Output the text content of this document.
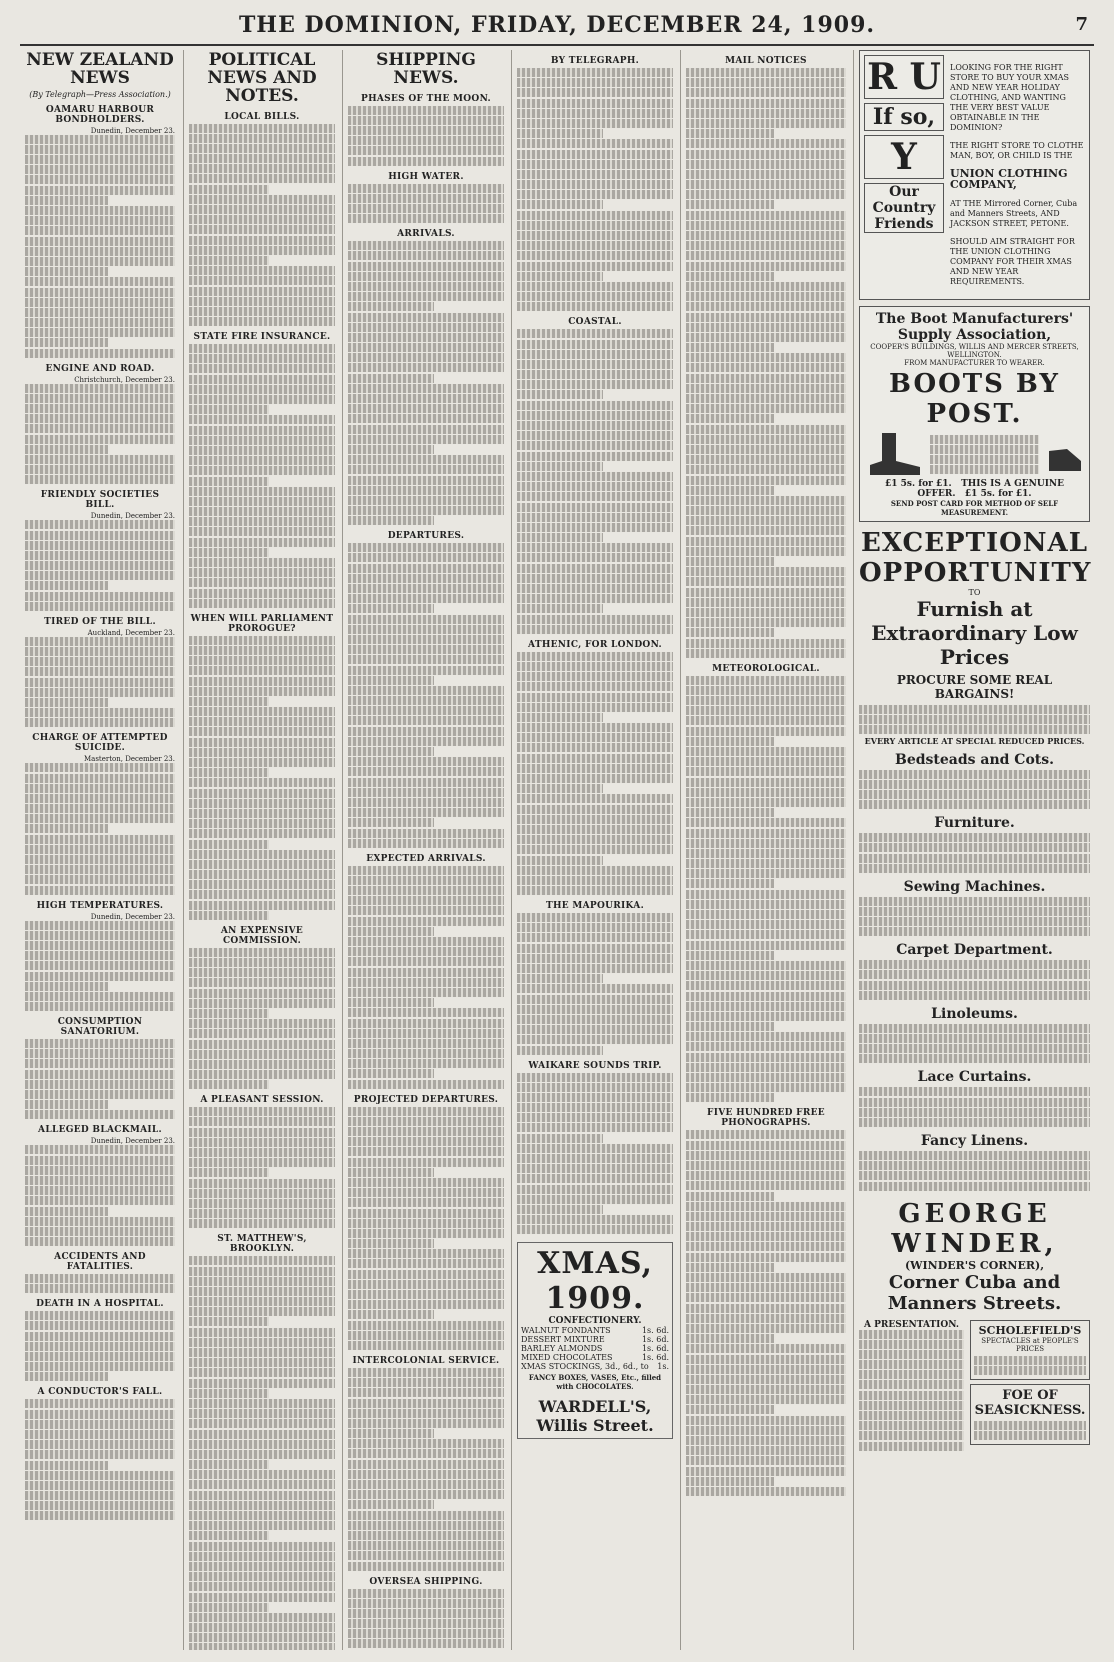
THE DOMINION, FRIDAY, DECEMBER 24, 1909.	7
NEW ZEALAND NEWS
(By Telegraph—Press Association.)
OAMARU HARBOUR BONDHOLDERS.

Dunedin, December 23.

ENGINE AND ROAD.

Christchurch, December 23.

FRIENDLY SOCIETIES BILL.

Dunedin, December 23.

TIRED OF THE BILL.

Auckland, December 23.

CHARGE OF ATTEMPTED SUICIDE.

Masterton, December 23.

HIGH TEMPERATURES.

Dunedin, December 23.

CONSUMPTION SANATORIUM.
ALLEGED BLACKMAIL.

Dunedin, December 23.

ACCIDENTS AND FATALITIES.
DEATH IN A HOSPITAL.
A CONDUCTOR'S FALL.
POLITICAL NEWS AND NOTES.
LOCAL BILLS.
STATE FIRE INSURANCE.
WHEN WILL PARLIAMENT PROROGUE?
AN EXPENSIVE COMMISSION.
A PLEASANT SESSION.
ST. MATTHEW'S, BROOKLYN.
SHIPPING NEWS.
PHASES OF THE MOON.
HIGH WATER.
ARRIVALS.
DEPARTURES.
EXPECTED ARRIVALS.
PROJECTED DEPARTURES.
INTERCOLONIAL SERVICE.
OVERSEA SHIPPING.
BY TELEGRAPH.
COASTAL.
ATHENIC, FOR LONDON.
THE MAPOURIKA.
WAIKARE SOUNDS TRIP.
XMAS, 1909.
CONFECTIONERY.
WALNUT FONDANTS	1s. 6d.
DESSERT MIXTURE	1s. 6d.
BARLEY ALMONDS	1s. 6d.
MIXED CHOCOLATES	1s. 6d.
XMAS STOCKINGS, 3d., 6d., to 1s.
FANCY BOXES, VASES, Etc., filled with CHOCOLATES.
WARDELL'S, Willis Street.
MAIL NOTICES
METEOROLOGICAL.
FIVE HUNDRED FREE PHONOGRAPHS.
R U
If so,
Y
Our Country Friends

LOOKING FOR THE RIGHT STORE TO BUY YOUR XMAS AND NEW YEAR HOLIDAY CLOTHING, AND WANTING THE VERY BEST VALUE OBTAINABLE IN THE DOMINION?

THE RIGHT STORE TO CLOTHE MAN, BOY, OR CHILD IS THE

UNION CLOTHING COMPANY,

AT THE Mirrored Corner, Cuba and Manners Streets, AND JACKSON STREET, PETONE.

SHOULD AIM STRAIGHT FOR THE UNION CLOTHING COMPANY FOR THEIR XMAS AND NEW YEAR REQUIREMENTS.

The Boot Manufacturers' Supply Association,
COOPER'S BUILDINGS, WILLIS AND MERCER STREETS, WELLINGTON.
FROM MANUFACTURER TO WEARER.
BOOTS BY POST.
£1 5s. for £1. THIS IS A GENUINE OFFER. £1 5s. for £1.
SEND POST CARD FOR METHOD OF SELF MEASUREMENT.
EXCEPTIONAL OPPORTUNITY
TO
Furnish at Extraordinary Low Prices
PROCURE SOME REAL BARGAINS!
EVERY ARTICLE AT SPECIAL REDUCED PRICES.
Bedsteads and Cots.
Furniture.
Sewing Machines.
Carpet Department.
Linoleums.
Lace Curtains.
Fancy Linens.
GEORGE WINDER,
(WINDER'S CORNER),
Corner Cuba and Manners Streets.
A PRESENTATION.	SCHOLEFIELD'S
SPECTACLES at PEOPLE'S PRICES
FOE OF SEASICKNESS.
